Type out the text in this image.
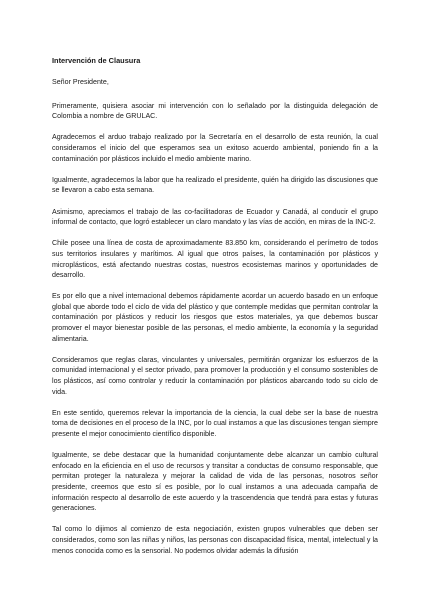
Intervención de Clausura
Señor Presidente,
Primeramente, quisiera asociar mi intervención con lo señalado por la distinguida delegación de Colombia a nombre de GRULAC.
Agradecemos el arduo trabajo realizado por la Secretaría en el desarrollo de esta reunión, la cual consideramos el inicio del que esperamos sea un exitoso acuerdo ambiental, poniendo fin a la contaminación por plásticos incluido el medio ambiente marino.
Igualmente, agradecemos la labor que ha realizado el presidente, quién ha dirigido las discusiones que se llevaron a cabo esta semana.
Asimismo, apreciamos el trabajo de las co-facilitadoras de Ecuador y Canadá, al conducir el grupo informal de contacto, que logró establecer un claro mandato y las vías de acción, en miras de la INC-2.
Chile posee una línea de costa de aproximadamente 83.850 km, considerando el perímetro de todos sus territorios insulares y marítimos. Al igual que otros países, la contaminación por plásticos y microplásticos, está afectando nuestras costas, nuestros ecosistemas marinos y oportunidades de desarrollo.
Es por ello que a nivel internacional debemos rápidamente acordar un acuerdo basado en un enfoque global que aborde todo el ciclo de vida del plástico y que contemple medidas que permitan controlar la contaminación por plásticos y reducir los riesgos que estos materiales, ya que debemos buscar promover el mayor bienestar posible de las personas, el medio ambiente, la economía y la seguridad alimentaria.
Consideramos que reglas claras, vinculantes y universales, permitirán organizar los esfuerzos de la comunidad internacional y el sector privado, para promover la producción y el consumo sostenibles de los plásticos, así como controlar y reducir la contaminación por plásticos abarcando todo su ciclo de vida.
En este sentido, queremos relevar la importancia de la ciencia, la cual debe ser la base de nuestra toma de decisiones en el proceso de la INC, por lo cual instamos a que las discusiones tengan siempre presente el mejor conocimiento científico disponible.
Igualmente, se debe destacar que la humanidad conjuntamente debe alcanzar un cambio cultural enfocado en la eficiencia en el uso de recursos y transitar a conductas de consumo responsable, que permitan proteger la naturaleza y mejorar la calidad de vida de las personas, nosotros señor presidente, creemos que esto sí es posible, por lo cual instamos a una adecuada campaña de información respecto al desarrollo de este acuerdo y la trascendencia que tendrá para estas y futuras generaciones.
Tal como lo dijimos al comienzo de esta negociación, existen grupos vulnerables que deben ser considerados, como son las niñas y niños, las personas con discapacidad física, mental, intelectual y la menos conocida como es la sensorial. No podemos olvidar además la difusión
